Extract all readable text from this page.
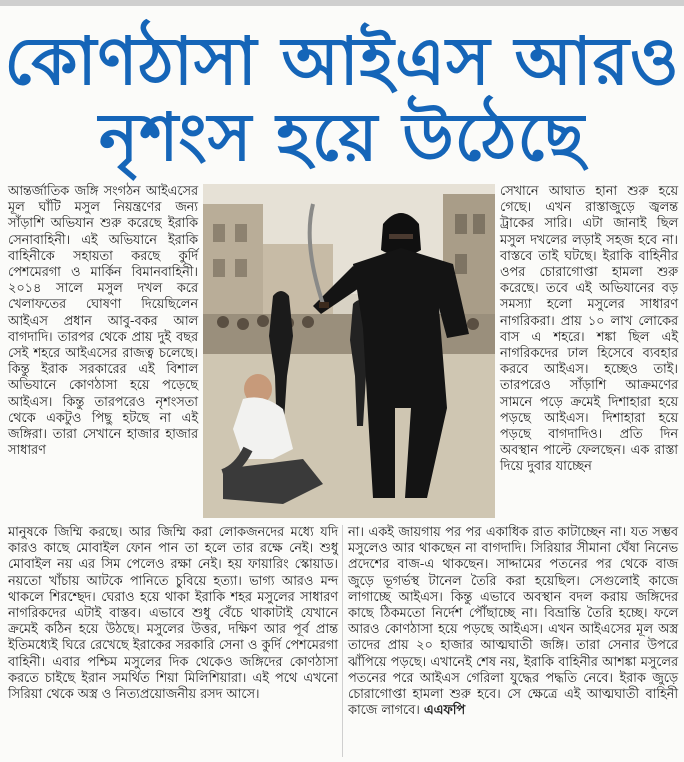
কোণঠাসা আইএস আরও
নৃশংস হয়ে উঠেছে

আন্তর্জাতিক জঙ্গি সংগঠন আইএসের মূল ঘাঁটি মসুল নিয়ন্ত্রণের জন্য সাঁড়াশি অভিযান শুরু করেছে ইরাকি সেনাবাহিনী। এই অভিযানে ইরাকি বাহিনীকে সহায়তা করছে কুর্দি পেশমেরগা ও মার্কিন বিমানবাহিনী। ২০১৪ সালে মসুল দখল করে খেলাফতের ঘোষণা দিয়েছিলেন আইএস প্রধান আবু-বকর আল বাগদাদি। তারপর থেকে প্রায় দুই বছর সেই শহরে আইএসের রাজত্ব চলেছে। কিন্তু ইরাক সরকারের এই বিশাল অভিযানে কোণঠাসা হয়ে পড়েছে আইএস। কিন্তু তারপরেও নৃশংসতা থেকে একটুও পিছু হটছে না এই জঙ্গিরা। তারা সেখানে হাজার হাজার সাধারণ

সেখানে আঘাত হানা শুরু হয়ে গেছে। এখন রাস্তাজুড়ে জ্বলন্ত ট্রাকের সারি। এটা জানাই ছিল মসুল দখলের লড়াই সহজ হবে না। বাস্তবে তাই ঘটছে। ইরাকি বাহিনীর ওপর চোরাগোপ্তা হামলা শুরু করেছে। তবে এই অভিযানের বড় সমস্যা হলো মসুলের সাধারণ নাগরিকরা। প্রায় ১০ লাখ লোকের বাস এ শহরে। শঙ্কা ছিল এই নাগরিকদের ঢাল হিসেবে ব্যবহার করবে আইএস। হচ্ছেও তাই। তারপরেও সাঁড়াশি আক্রমণের সামনে পড়ে ক্রমেই দিশাহারা হয়ে পড়ছে আইএস। দিশাহারা হয়ে পড়ছে বাগদাদিও। প্রতি দিন অবস্থান পাল্টে ফেলছেন। এক রাস্তা দিয়ে দুবার যাচ্ছেন

মানুষকে জিম্মি করছে। আর জিম্মি করা লোকজনদের মধ্যে যদি কারও কাছে মোবাইল ফোন পান তা হলে তার রক্ষে নেই। শুধু মোবাইল নয় এর সিম পেলেও রক্ষা নেই। হয় ফায়ারিং স্কোয়াড। নয়তো খাঁচায় আটকে পানিতে চুবিয়ে হত্যা। ভাগ্য আরও মন্দ থাকলে শিরশ্ছেদ। ঘেরাও হয়ে থাকা ইরাকি শহর মসুলের সাধারণ নাগরিকদের এটাই বাস্তব। এভাবে শুধু বেঁচে থাকাটাই যেখানে ক্রমেই কঠিন হয়ে উঠছে। মসুলের উত্তর, দক্ষিণ আর পূর্ব প্রান্ত ইতিমধ্যেই ঘিরে রেখেছে ইরাকের সরকারি সেনা ও কুর্দি পেশমেরগা বাহিনী। এবার পশ্চিম মসুলের দিক থেকেও জঙ্গিদের কোণঠাসা করতে চাইছে ইরান সমর্থিত শিয়া মিলিশিয়ারা। এই পথে এখনো সিরিয়া থেকে অস্ত্র ও নিত্যপ্রয়োজনীয় রসদ আসে।

না। একই জায়গায় পর পর একাধিক রাত কাটাচ্ছেন না। যত সম্ভব মসুলেও আর থাকছেন না বাগদাদি। সিরিয়ার সীমানা ঘেঁষা নিনেভ প্রদেশের বাজ-এ থাকছেন। সাদ্দামের পতনের পর থেকে বাজ জুড়ে ভূগর্ভস্থ টানেল তৈরি করা হয়েছিল। সেগুলোই কাজে লাগাচ্ছে আইএস। কিন্তু এভাবে অবস্থান বদল করায় জঙ্গিদের কাছে ঠিকমতো নির্দেশ পৌঁছাচ্ছে না। বিভ্রান্তি তৈরি হচ্ছে। ফলে আরও কোণঠাসা হয়ে পড়ছে আইএস। এখন আইএসের মূল অস্ত্র তাদের প্রায় ২০ হাজার আত্মঘাতী জঙ্গি। তারা সেনার উপরে ঝাঁপিয়ে পড়ছে। এখানেই শেষ নয়, ইরাকি বাহিনীর আশঙ্কা মসুলের পতনের পরে আইএস গেরিলা যুদ্ধের পদ্ধতি নেবে। ইরাক জুড়ে চোরাগোপ্তা হামলা শুরু হবে। সে ক্ষেত্রে এই আত্মঘাতী বাহিনী কাজে লাগবে। এএফপি
